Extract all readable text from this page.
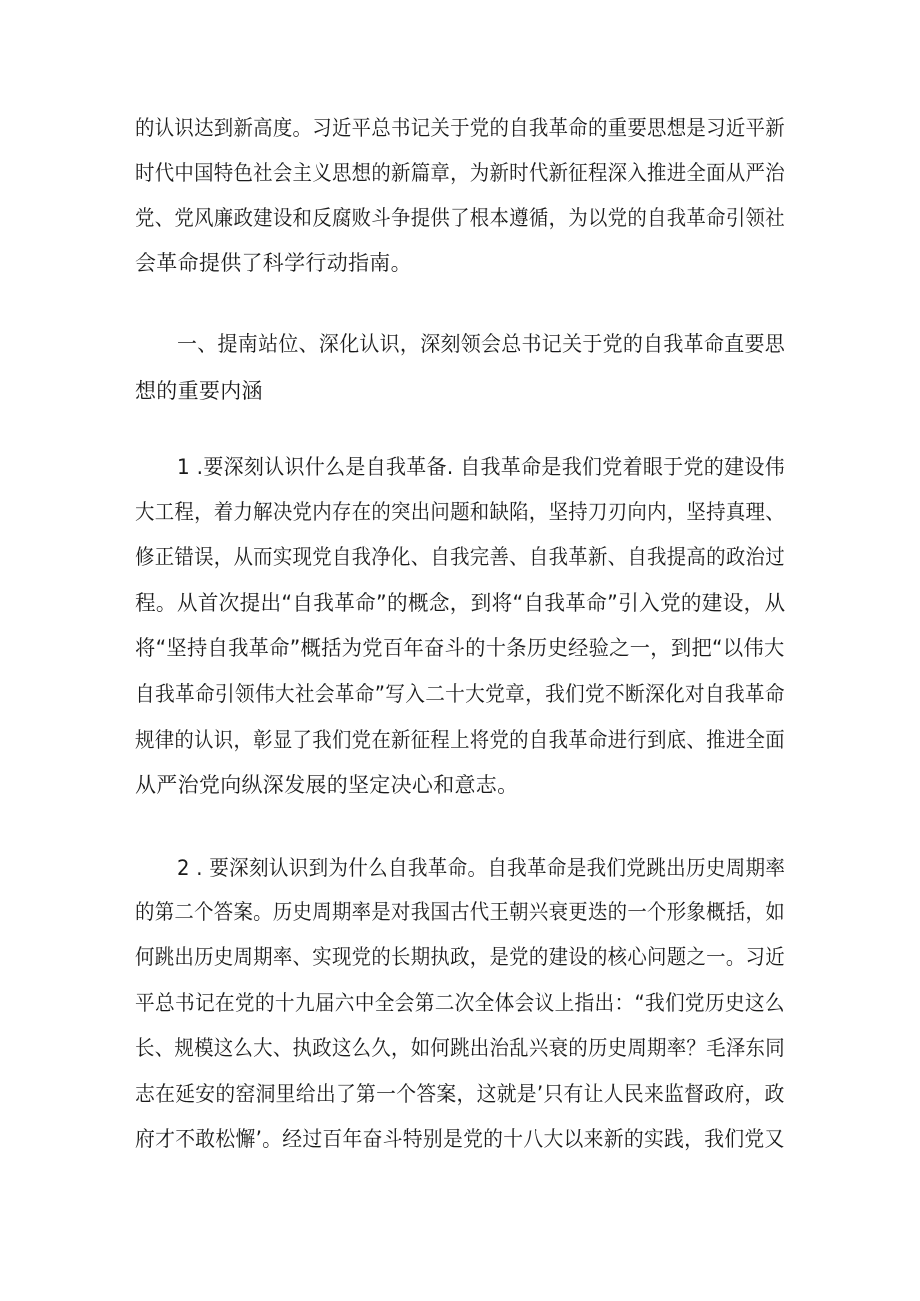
的认识达到新高度。习近平总书记关于党的自我革命的重要思想是习近平新
时代中国特色社会主义思想的新篇章，为新时代新征程深入推进全面从严治
党、党风廉政建设和反腐败斗争提供了根本遵循，为以党的自我革命引领社
会革命提供了科学行动指南。
一、提南站位、深化认识，深刻领会总书记关于党的自我革命直要思
想的重要内涵
1 .要深刻认识什么是自我革备. 自我革命是我们党着眼于党的建设伟
大工程，着力解决党内存在的突出问题和缺陷，坚持刀刃向内，坚持真理、
修正错误，从而实现党自我净化、自我完善、自我革新、自我提高的政治过
程。从首次提出“自我革命”的概念，到将“自我革命”引入党的建设，从
将“坚持自我革命”概括为党百年奋斗的十条历史经验之一，到把“以伟大
自我革命引领伟大社会革命”写入二十大党章，我们党不断深化对自我革命
规律的认识，彰显了我们党在新征程上将党的自我革命进行到底、推进全面
从严治党向纵深发展的坚定决心和意志。
2 . 要深刻认识到为什么自我革命。自我革命是我们党跳出历史周期率
的第二个答案。历史周期率是对我国古代王朝兴衰更迭的一个形象概括，如
何跳出历史周期率、实现党的长期执政，是党的建设的核心问题之一。习近
平总书记在党的十九届六中全会第二次全体会议上指出：“我们党历史这么
长、规模这么大、执政这么久，如何跳出治乱兴衰的历史周期率？毛泽东同
志在延安的窑洞里给出了第一个答案，这就是’只有让人民来监督政府，政
府才不敢松懈’。经过百年奋斗特别是党的十八大以来新的实践，我们党又
